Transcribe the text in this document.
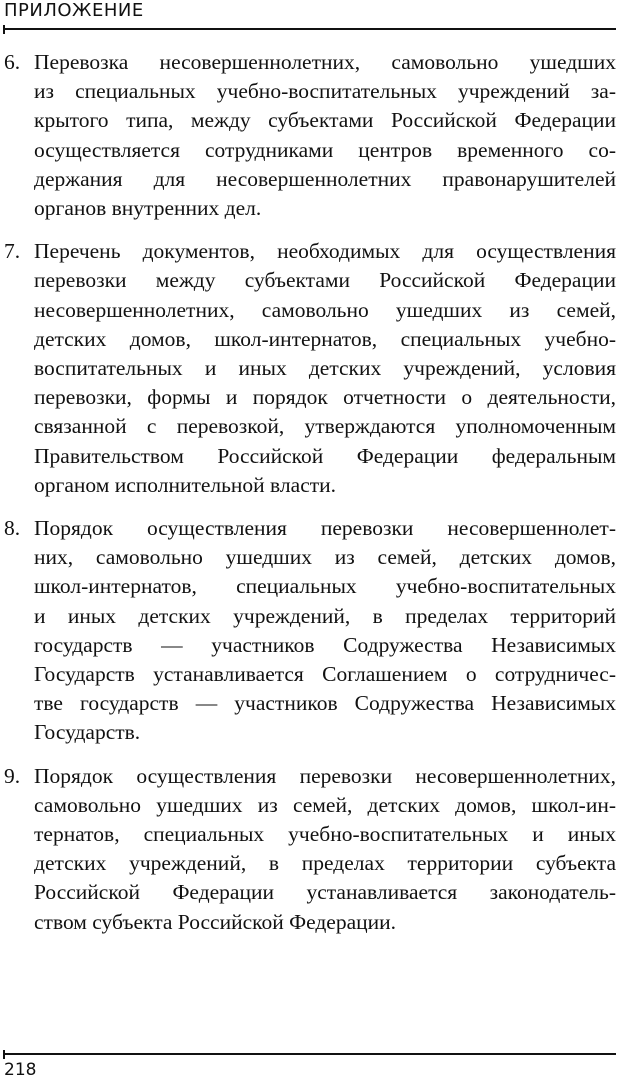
ПРИЛОЖЕНИЕ
6. Перевозка несовершеннолетних, самовольно ушедших
из специальных учебно-воспитательных учреждений за-
крытого типа, между субъектами Российской Федерации
осуществляется сотрудниками центров временного со-
держания для несовершеннолетних правонарушителей
органов внутренних дел.
7. Перечень документов, необходимых для осуществления
перевозки между субъектами Российской Федерации
несовершеннолетних, самовольно ушедших из семей,
детских домов, школ-интернатов, специальных учебно-
воспитательных и иных детских учреждений, условия
перевозки, формы и порядок отчетности о деятельности,
связанной с перевозкой, утверждаются уполномоченным
Правительством Российской Федерации федеральным
органом исполнительной власти.
8. Порядок осуществления перевозки несовершеннолет-
них, самовольно ушедших из семей, детских домов,
школ-интернатов, специальных учебно-воспитательных
и иных детских учреждений, в пределах территорий
государств — участников Содружества Независимых
Государств устанавливается Соглашением о сотрудничес-
тве государств — участников Содружества Независимых
Государств.
9. Порядок осуществления перевозки несовершеннолетних,
самовольно ушедших из семей, детских домов, школ-ин-
тернатов, специальных учебно-воспитательных и иных
детских учреждений, в пределах территории субъекта
Российской Федерации устанавливается законодатель-
ством субъекта Российской Федерации.
218
